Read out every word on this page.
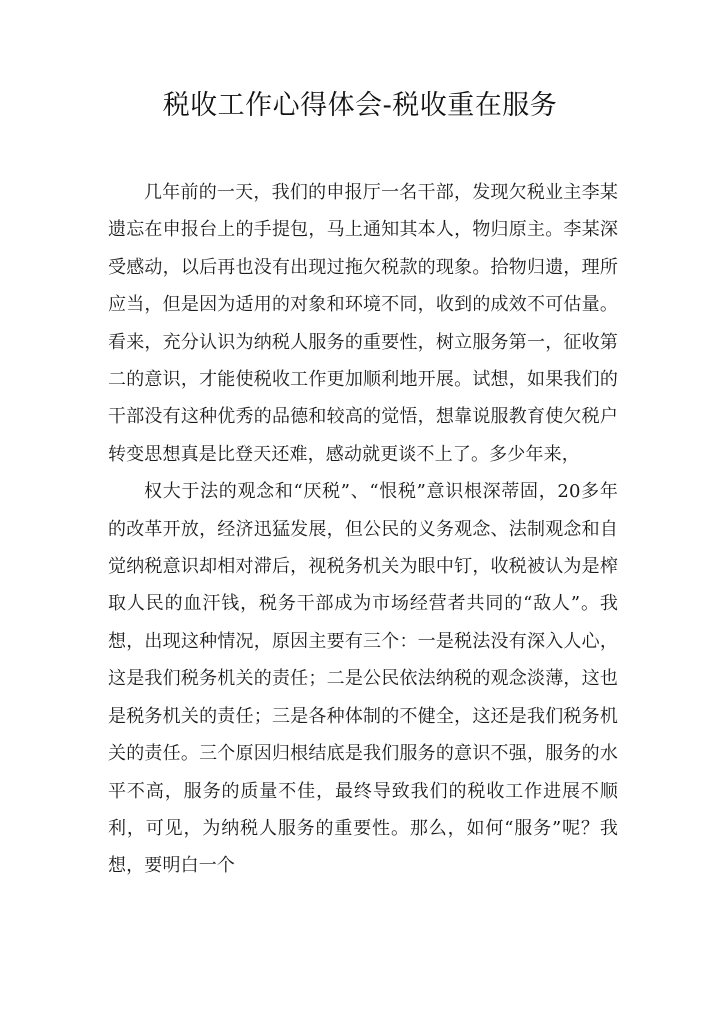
税收工作心得体会-税收重在服务

几年前的一天，我们的申报厅一名干部，发现欠税业主李某遗忘在申报台上的手提包，马上通知其本人，物归原主。李某深受感动，以后再也没有出现过拖欠税款的现象。拾物归遗，理所应当，但是因为适用的对象和环境不同，收到的成效不可估量。看来，充分认识为纳税人服务的重要性，树立服务第一，征收第二的意识，才能使税收工作更加顺利地开展。试想，如果我们的干部没有这种优秀的品德和较高的觉悟，想靠说服教育使欠税户转变思想真是比登天还难，感动就更谈不上了。多少年来，

权大于法的观念和“厌税”、“恨税”意识根深蒂固，20多年的改革开放，经济迅猛发展，但公民的义务观念、法制观念和自觉纳税意识却相对滞后，视税务机关为眼中钉，收税被认为是榨取人民的血汗钱，税务干部成为市场经营者共同的“敌人”。我想，出现这种情况，原因主要有三个：一是税法没有深入人心，这是我们税务机关的责任；二是公民依法纳税的观念淡薄，这也是税务机关的责任；三是各种体制的不健全，这还是我们税务机关的责任。三个原因归根结底是我们服务的意识不强，服务的水平不高，服务的质量不佳，最终导致我们的税收工作进展不顺利，可见，为纳税人服务的重要性。那么，如何“服务”呢？我想，要明白一个
